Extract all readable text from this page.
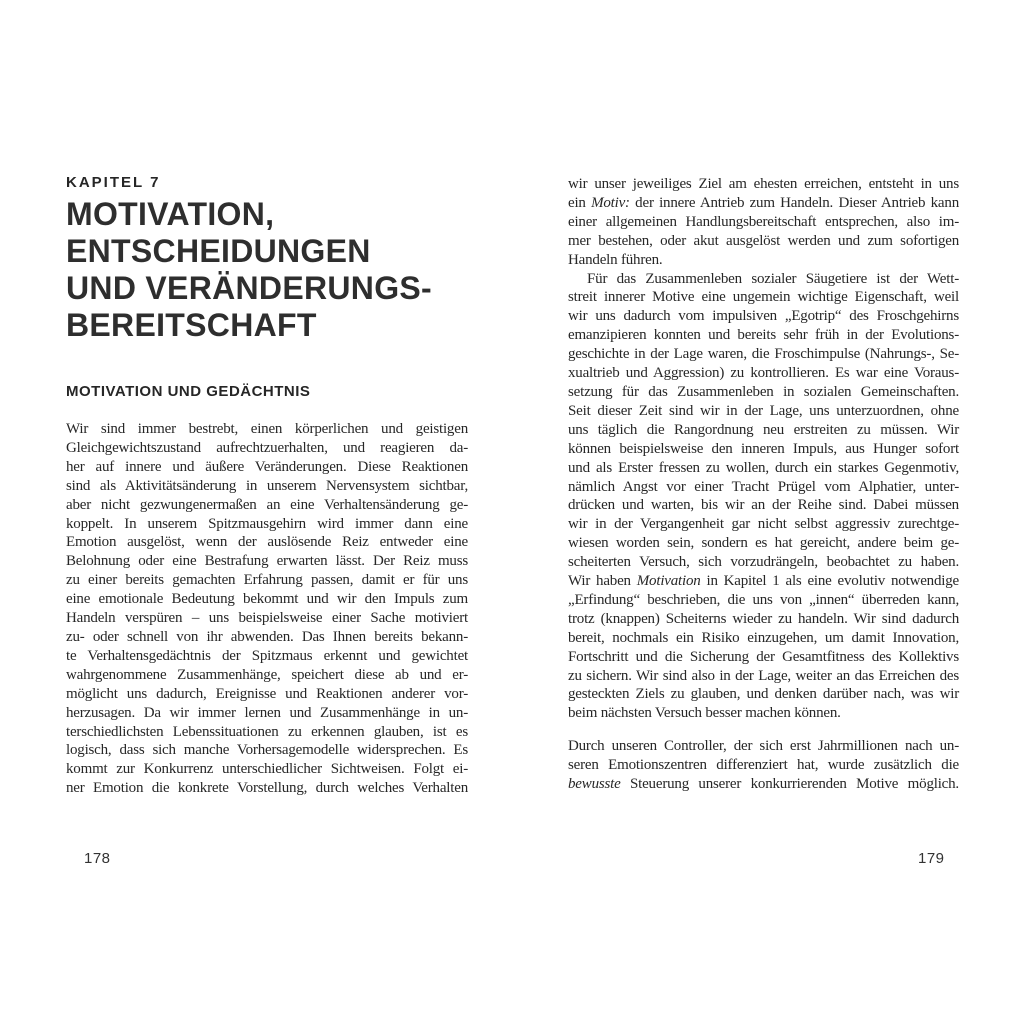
KAPITEL 7
MOTIVATION,
ENTSCHEIDUNGEN
UND VERÄNDERUNGS-
BEREITSCHAFT
MOTIVATION UND GEDÄCHTNIS
Wir sind immer bestrebt, einen körperlichen und geistigen
Gleichgewichtszustand aufrechtzuerhalten, und reagieren da-
her auf innere und äußere Veränderungen. Diese Reaktionen
sind als Aktivitätsänderung in unserem Nervensystem sichtbar,
aber nicht gezwungenermaßen an eine Verhaltensänderung ge-
koppelt. In unserem Spitzmausgehirn wird immer dann eine
Emotion ausgelöst, wenn der auslösende Reiz entweder eine
Belohnung oder eine Bestrafung erwarten lässt. Der Reiz muss
zu einer bereits gemachten Erfahrung passen, damit er für uns
eine emotionale Bedeutung bekommt und wir den Impuls zum
Handeln verspüren – uns beispielsweise einer Sache motiviert
zu- oder schnell von ihr abwenden. Das Ihnen bereits bekann-
te Verhaltensgedächtnis der Spitzmaus erkennt und gewichtet
wahrgenommene Zusammenhänge, speichert diese ab und er-
möglicht uns dadurch, Ereignisse und Reaktionen anderer vor-
herzusagen. Da wir immer lernen und Zusammenhänge in un-
terschiedlichsten Lebenssituationen zu erkennen glauben, ist es
logisch, dass sich manche Vorhersagemodelle widersprechen. Es
kommt zur Konkurrenz unterschiedlicher Sichtweisen. Folgt ei-
ner Emotion die konkrete Vorstellung, durch welches Verhalten
178
wir unser jeweiliges Ziel am ehesten erreichen, entsteht in uns
ein Motiv: der innere Antrieb zum Handeln. Dieser Antrieb kann
einer allgemeinen Handlungsbereitschaft entsprechen, also im-
mer bestehen, oder akut ausgelöst werden und zum sofortigen
Handeln führen.
Für das Zusammenleben sozialer Säugetiere ist der Wett-
streit innerer Motive eine ungemein wichtige Eigenschaft, weil
wir uns dadurch vom impulsiven „Egotrip“ des Froschgehirns
emanzipieren konnten und bereits sehr früh in der Evolutions-
geschichte in der Lage waren, die Froschimpulse (Nahrungs-, Se-
xualtrieb und Aggression) zu kontrollieren. Es war eine Voraus-
setzung für das Zusammenleben in sozialen Gemeinschaften.
Seit dieser Zeit sind wir in der Lage, uns unterzuordnen, ohne
uns täglich die Rangordnung neu erstreiten zu müssen. Wir
können beispielsweise den inneren Impuls, aus Hunger sofort
und als Erster fressen zu wollen, durch ein starkes Gegenmotiv,
nämlich Angst vor einer Tracht Prügel vom Alphatier, unter-
drücken und warten, bis wir an der Reihe sind. Dabei müssen
wir in der Vergangenheit gar nicht selbst aggressiv zurechtge-
wiesen worden sein, sondern es hat gereicht, andere beim ge-
scheiterten Versuch, sich vorzudrängeln, beobachtet zu haben.
Wir haben Motivation in Kapitel 1 als eine evolutiv notwendige
„Erfindung“ beschrieben, die uns von „innen“ überreden kann,
trotz (knappen) Scheiterns wieder zu handeln. Wir sind dadurch
bereit, nochmals ein Risiko einzugehen, um damit Innovation,
Fortschritt und die Sicherung der Gesamtfitness des Kollektivs
zu sichern. Wir sind also in der Lage, weiter an das Erreichen des
gesteckten Ziels zu glauben, und denken darüber nach, was wir
beim nächsten Versuch besser machen können.
Durch unseren Controller, der sich erst Jahrmillionen nach un-
seren Emotionszentren differenziert hat, wurde zusätzlich die
bewusste Steuerung unserer konkurrierenden Motive möglich.
179
